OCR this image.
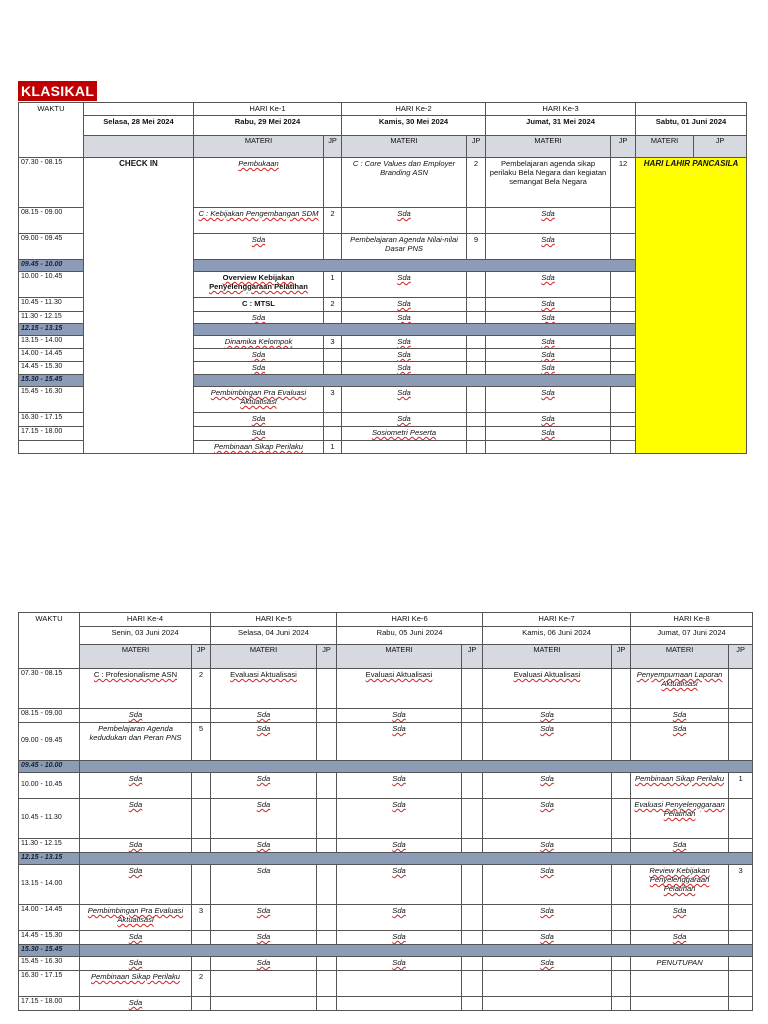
KLASIKAL
WAKTU		HARI Ke-1		HARI Ke-2		HARI Ke-3			
	Selasa, 28 Mei 2024	Rabu, 29 Mei 2024		Kamis, 30 Mei 2024		Jumat, 31 Mei 2024		Sabtu, 01 Juni 2024	
		MATERI	JP	MATERI	JP	MATERI	JP	MATERI	JP
07.30 - 08.15	CHECK IN	Pembukaan		C : Core Values dan Employer Branding ASN	2	Pembelajaran agenda sikap perilaku Bela Negara dan kegiatan semangat Bela Negara	12	HARI LAHIR PANCASILA	
08.15 - 09.00		C : Kebijakan Pengembangan SDM	2	Sda		Sda			
09.00 - 09.45		Sda		Pembelajaran Agenda Nilai-nilai Dasar PNS	9	Sda			
09.45 - 10.00									
10.00 - 10.45		Overview Kebijakan Penyelenggaraan Pelatihan	1	Sda		Sda			
10.45 - 11.30		C : MTSL	2	Sda		Sda			
11.30 - 12.15		Sda		Sda		Sda			
12.15 - 13.15									
13.15 - 14.00		Dinamika Kelompok	3	Sda		Sda			
14.00 - 14.45		Sda		Sda		Sda			
14.45 - 15.30		Sda		Sda		Sda			
15.30 - 15.45									
15.45 - 16.30		Pembimbingan Pra Evaluasi Aktualisasi	3	Sda		Sda			
16.30 - 17.15		Sda		Sda		Sda			
17.15 - 18.00		Sda		Sosiometri Peserta		Sda			
		Pembinaan Sikap Perilaku	1						
WAKTU	HARI Ke-4		HARI Ke-5		HARI Ke-6		HARI Ke-7		HARI Ke-8	
	Senin, 03 Juni 2024		Selasa, 04 Juni 2024		Rabu, 05 Juni 2024		Kamis, 06 Juni 2024		Jumat, 07 Juni 2024	
	MATERI	JP	MATERI	JP	MATERI	JP	MATERI	JP	MATERI	JP
07.30 - 08.15	C : Profesionalisme ASN	2	Evaluasi Aktualisasi		Evaluasi Aktualisasi		Evaluasi Aktualisasi		Penyempurnaan Laporan Aktualisasi	
08.15 - 09.00	Sda		Sda		Sda		Sda		Sda	
09.00 - 09.45	Pembelajaran Agenda kedudukan dan Peran PNS	5	Sda		Sda		Sda		Sda	
09.45 - 10.00										
10.00 - 10.45	Sda		Sda		Sda		Sda		Pembinaan Sikap Perilaku	1
10.45 - 11.30	Sda		Sda		Sda		Sda		Evaluasi Penyelenggaraan Pelatihan	
11.30 - 12.15	Sda		Sda		Sda		Sda		Sda	
12.15 - 13.15										
13.15 - 14.00	Sda		Sda		Sda		Sda		Review Kebijakan Penyelenggaraan Pelatihan	3
14.00 - 14.45	Pembimbingan Pra Evaluasi Aktualisasi	3	Sda		Sda		Sda		Sda	
14.45 - 15.30	Sda		Sda		Sda		Sda		Sda	
15.30 - 15.45										
15.45 - 16.30	Sda		Sda		Sda		Sda		PENUTUPAN	
16.30 - 17.15	Pembinaan Sikap Perilaku	2								
17.15 - 18.00	Sda									
